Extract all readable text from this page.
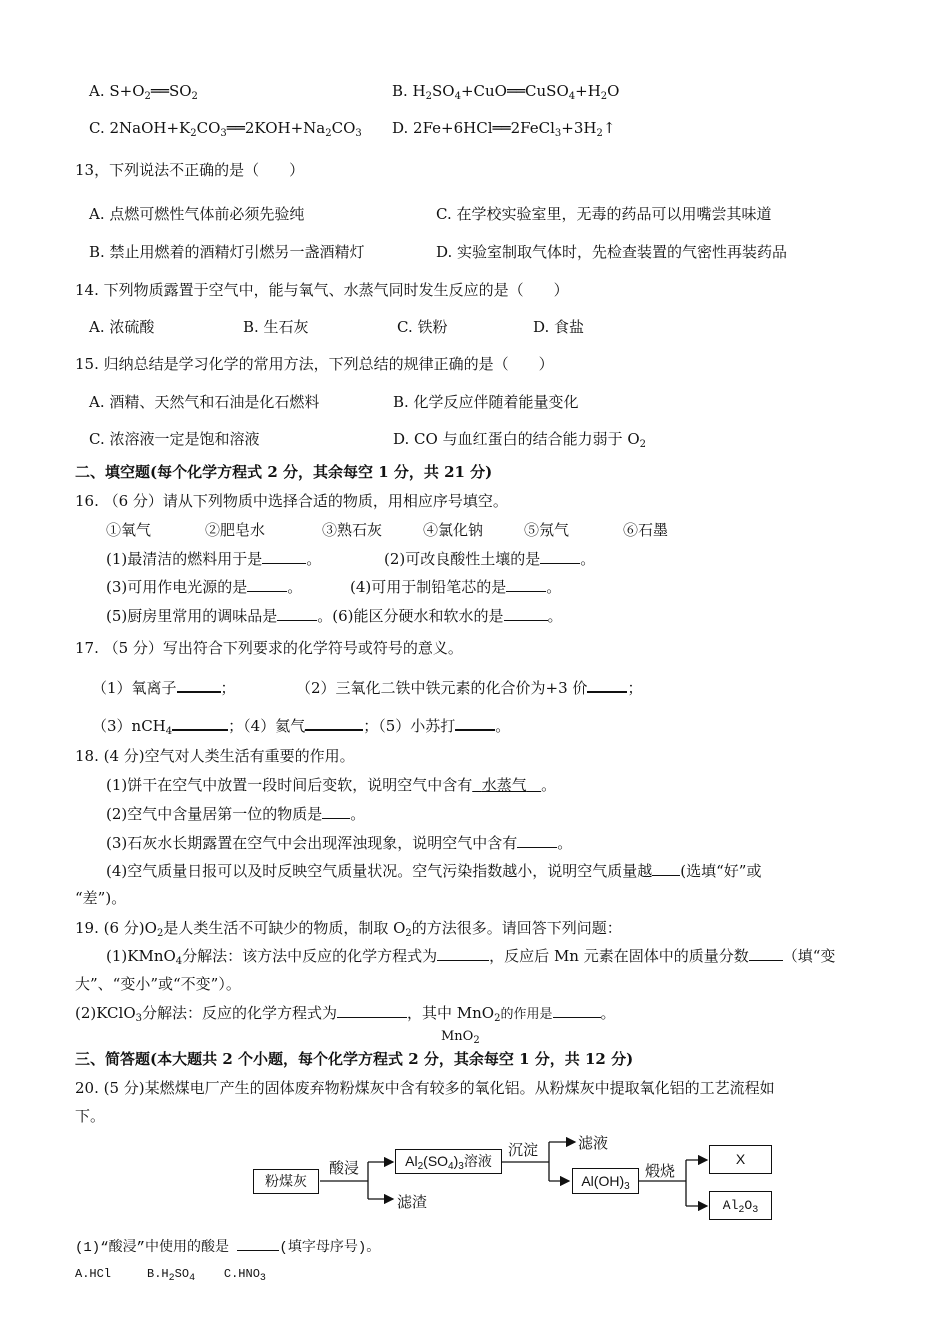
A. $S+O_2══SO_2$	B. $H_2SO_4+CuO══CuSO_4+H_2O$
C. $2NaOH+K_2CO_3══2KOH+Na_2CO_3$ D. $2Fe+6HCl══2FeCl_3+3H_2↑$
13，下列说法不正确的是（　　）
A. 点燃可燃性气体前必须先验纯	C. 在学校实验室里，无毒的药品可以用嘴尝其味道
B. 禁止用燃着的酒精灯引燃另一盏酒精灯	D. 实验室制取气体时，先检查装置的气密性再装药品
14. 下列物质露置于空气中，能与氧气、水蒸气同时发生反应的是（　　）
A. 浓硫酸	B. 生石灰	C. 铁粉	D. 食盐
15. 归纳总结是学习化学的常用方法，下列总结的规律正确的是（　　）
A. 酒精、天然气和石油是化石燃料	B. 化学反应伴随着能量变化
C. 浓溶液一定是饱和溶液	D. CO 与血红蛋白的结合能力弱于 $O_2$
二、填空题(每个化学方程式 2 分，其余每空 1 分，共 21 分)
16. （6 分）请从下列物质中选择合适的物质，用相应序号填空。
①氧气	②肥皂水	③熟石灰	④氯化钠	⑤氖气	⑥石墨
(1)最清洁的燃料用于是	。	(2)可改良酸性土壤的是	。
(3)可用作电光源的是	。	(4)可用于制铅笔芯的是	。
(5)厨房里常用的调味品是	。(6)能区分硬水和软水的是	。
17. （5 分）写出符合下列要求的化学符号或符号的意义。
（1）氧离子	；	（2）三氧化二铁中铁元素的化合价为+3 价	；
（3）nCH$_4$	；（4）氦气	；（5）小苏打	。
18. (4 分)空气对人类生活有重要的作用。
(1)饼干在空气中放置一段时间后变软，说明空气中含有 水蒸气 。
(2)空气中含量居第一位的物质是 。
(3)石灰水长期露置在空气中会出现浑浊现象，说明空气中含有	。
(4)空气质量日报可以及时反映空气质量状况。空气污染指数越小，说明空气质量越 (选填“好”或
“差”)。
19. (6 分)$O_2$是人类生活不可缺少的物质，制取 $O_2$的方法很多。请回答下列问题：
(1)KMnO$_4$分解法：该方法中反应的化学方程式为	，反应后 Mn 元素在固体中的质量分数 （填“变
大”、“变小”或“不变”）。
(2)KClO$_3$分解法：反应的化学方程式为	，其中 MnO$_2$的作用是	。
MnO$_2$
三、简答题(本大题共 2 个小题，每个化学方程式 2 分，其余每空 1 分，共 12 分)
20. (5 分)某燃煤电厂产生的固体废弃物粉煤灰中含有较多的氧化铝。从粉煤灰中提取氧化铝的工艺流程如
下。
粉煤灰
酸浸	$Al_2(SO_4)_3$溶液
滤渣
沉淀	滤液
$Al(OH)_3$
煅烧
X
$Al_2O_3$
(1)“酸浸”中使用的酸是	(填字母序号)。
A.HCl	$B.H_2SO_4$ $C.HNO_3$
